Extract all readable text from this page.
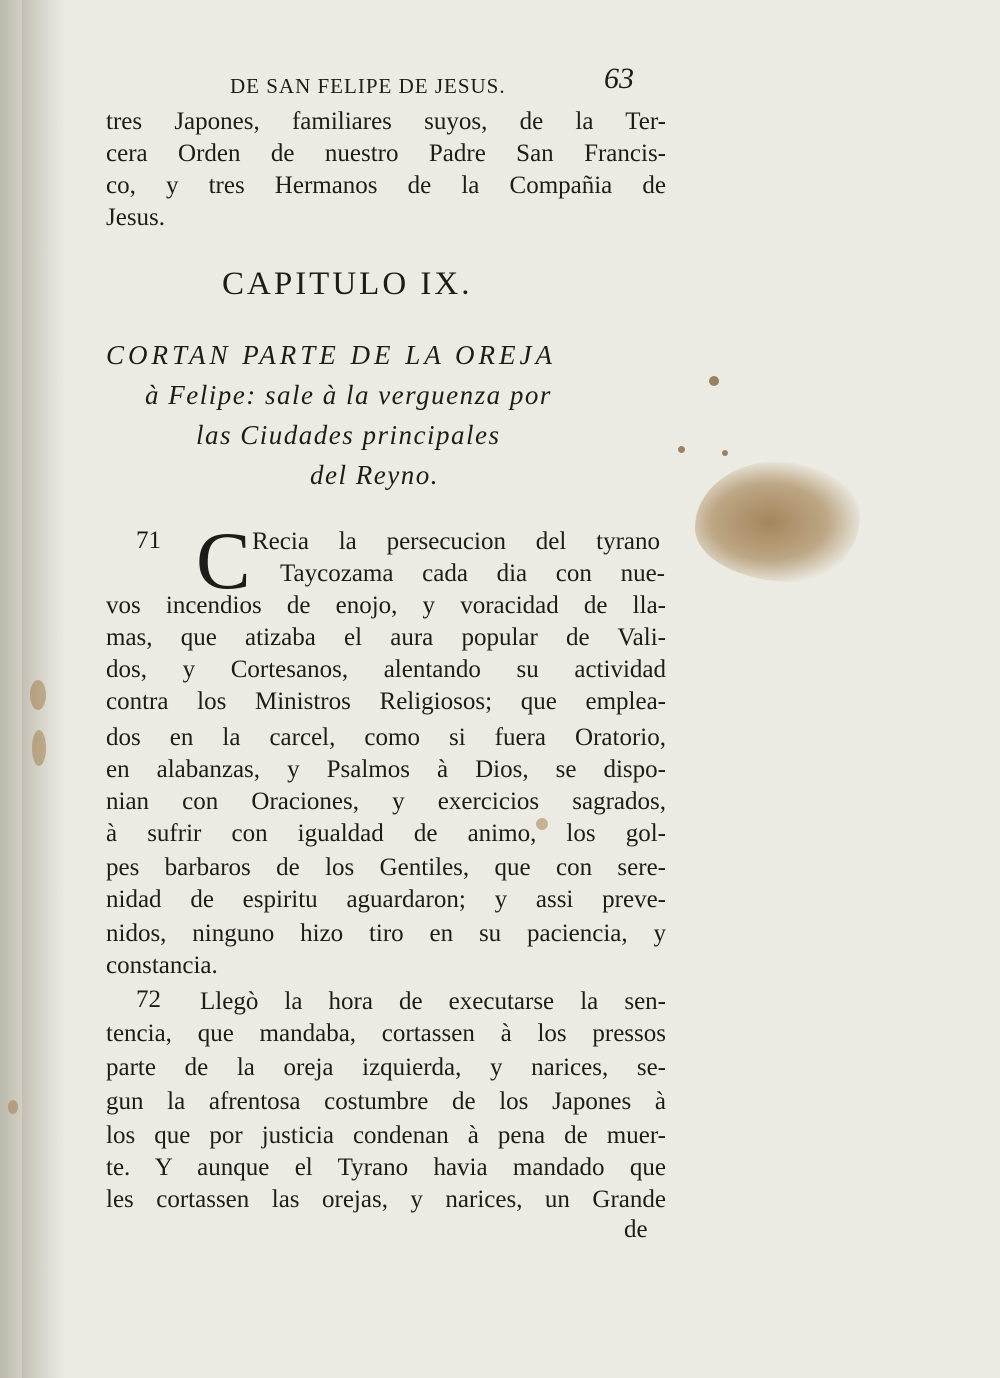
DE SAN FELIPE DE JESUS.	63
tres Japones, familiares suyos, de la Ter-
cera Orden de nuestro Padre San Francis-
co, y tres Hermanos de la Compañia de
Jesus.
CAPITULO IX.
CORTAN PARTE DE LA OREJA
à Felipe: sale à la verguenza por
las Ciudades principales
del Reyno.
71 C Recia la persecucion del tyrano
Taycozama cada dia con nue-
vos incendios de enojo, y voracidad de lla-
mas, que atizaba el aura popular de Vali-
dos, y Cortesanos, alentando su actividad
contra los Ministros Religiosos; que emplea-
dos en la carcel, como si fuera Oratorio,
en alabanzas, y Psalmos à Dios, se dispo-
nian con Oraciones, y exercicios sagrados,
à sufrir con igualdad de animo, los gol-
pes barbaros de los Gentiles, que con sere-
nidad de espiritu aguardaron; y assi preve-
nidos, ninguno hizo tiro en su paciencia, y
constancia.
72 Llegò la hora de executarse la sen-
tencia, que mandaba, cortassen à los pressos
parte de la oreja izquierda, y narices, se-
gun la afrentosa costumbre de los Japones à
los que por justicia condenan à pena de muer-
te. Y aunque el Tyrano havia mandado que
les cortassen las orejas, y narices, un Grande
de
